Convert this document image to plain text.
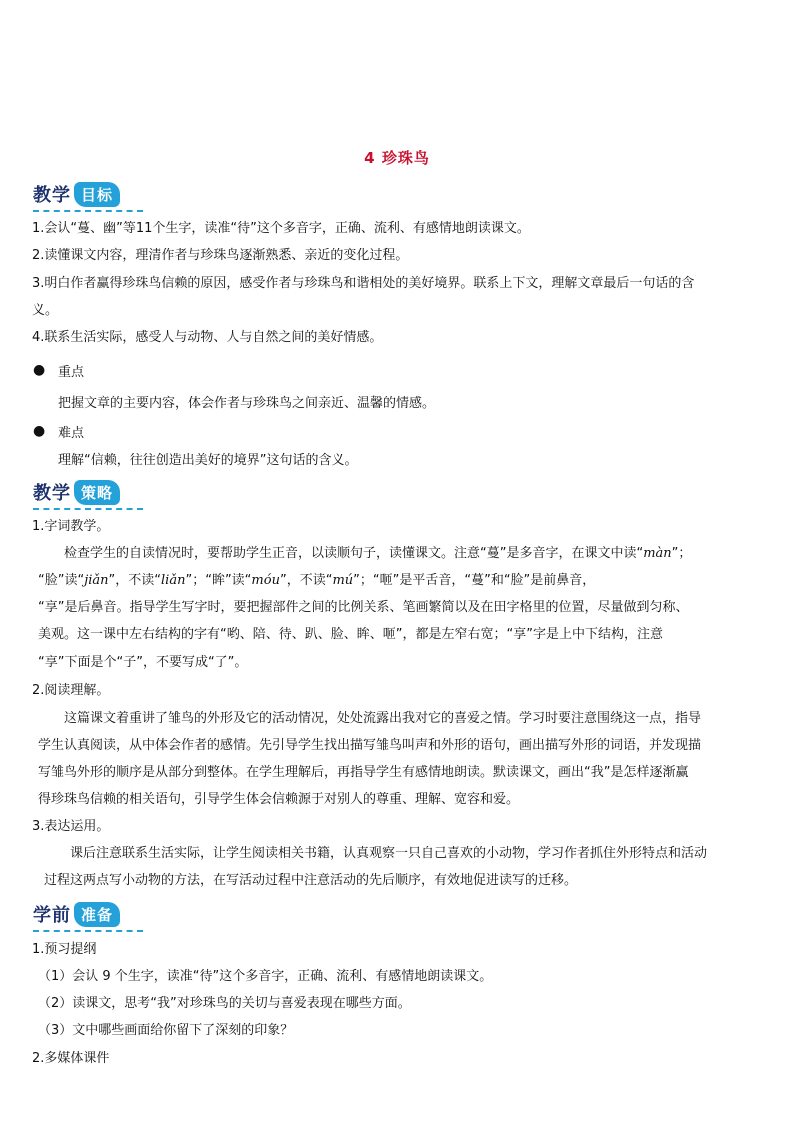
4 珍珠鸟
教学 目标
1.会认“蔓、幽”等11个生字，读准“待”这个多音字，正确、流利、有感情地朗读课文。
2.读懂课文内容，理清作者与珍珠鸟逐渐熟悉、亲近的变化过程。
3.明白作者赢得珍珠鸟信赖的原因，感受作者与珍珠鸟和谐相处的美好境界。联系上下文，理解文章最后一句话的含
义。
4.联系生活实际，感受人与动物、人与自然之间的美好情感。
● 重点
把握文章的主要内容，体会作者与珍珠鸟之间亲近、温馨的情感。
● 难点
理解“信赖，往往创造出美好的境界”这句话的含义。
教学 策略
1.字词教学。
检查学生的自读情况时，要帮助学生正音，以读顺句子，读懂课文。注意“蔓”是多音字，在课文中读“màn”；
“脸”读“jiǎn”，不读“liǎn”；“眸”读“móu”，不读“mú”；“咂”是平舌音，“蔓”和“脸”是前鼻音，
“享”是后鼻音。指导学生写字时，要把握部件之间的比例关系、笔画繁简以及在田字格里的位置，尽量做到匀称、
美观。这一课中左右结构的字有“哟、陪、待、趴、脸、眸、咂”，都是左窄右宽；“享”字是上中下结构，注意
“享”下面是个“子”，不要写成“了”。
2.阅读理解。
这篇课文着重讲了雏鸟的外形及它的活动情况，处处流露出我对它的喜爱之情。学习时要注意围绕这一点，指导
学生认真阅读，从中体会作者的感情。先引导学生找出描写雏鸟叫声和外形的语句，画出描写外形的词语，并发现描
写雏鸟外形的顺序是从部分到整体。在学生理解后，再指导学生有感情地朗读。默读课文，画出“我”是怎样逐渐赢
得珍珠鸟信赖的相关语句，引导学生体会信赖源于对别人的尊重、理解、宽容和爱。
3.表达运用。
课后注意联系生活实际，让学生阅读相关书籍，认真观察一只自己喜欢的小动物，学习作者抓住外形特点和活动
过程这两点写小动物的方法，在写活动过程中注意活动的先后顺序，有效地促进读写的迁移。
学前 准备
1.预习提纲
（1）会认 9 个生字，读准“待”这个多音字，正确、流利、有感情地朗读课文。
（2）读课文，思考“我”对珍珠鸟的关切与喜爱表现在哪些方面。
（3）文中哪些画面给你留下了深刻的印象？
2.多媒体课件
